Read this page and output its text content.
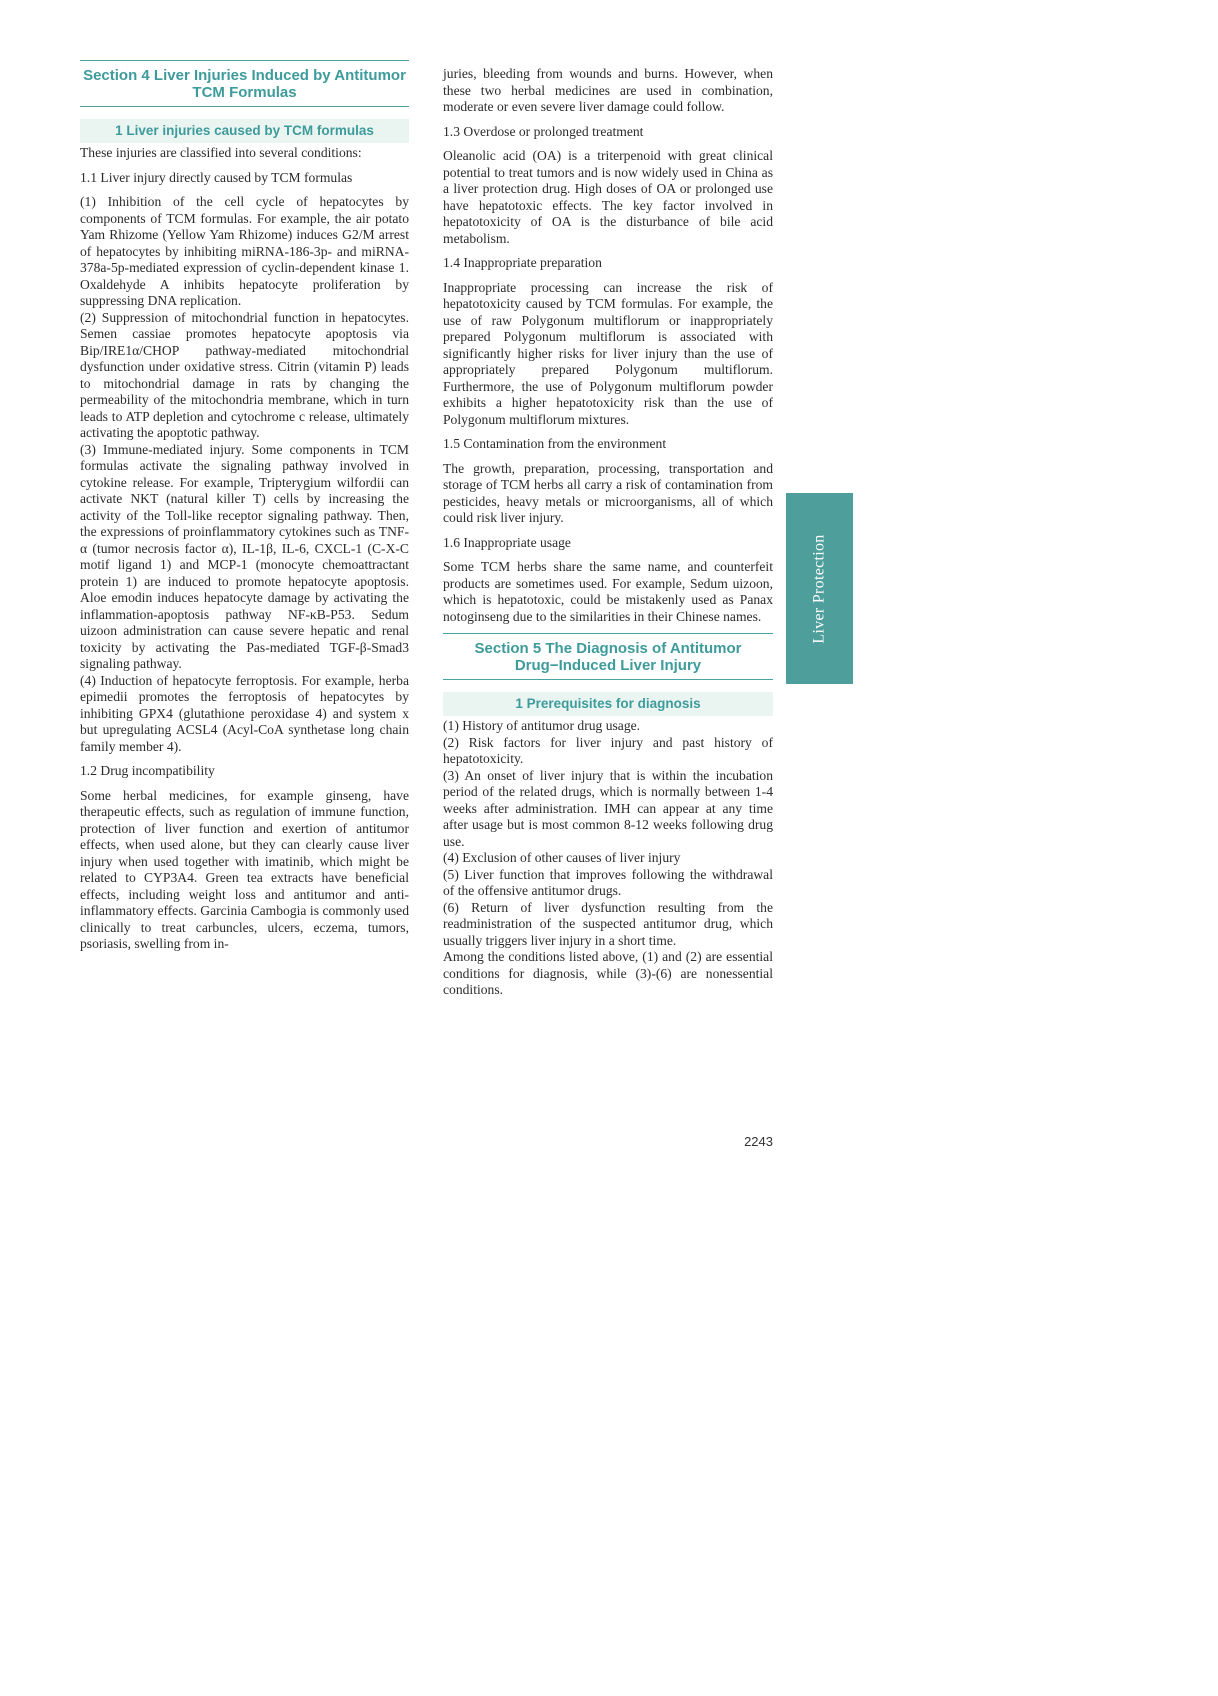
Section 4 Liver Injuries Induced by Antitumor TCM Formulas
1 Liver injuries caused by TCM formulas

These injuries are classified into several conditions:

1.1 Liver injury directly caused by TCM formulas

(1) Inhibition of the cell cycle of hepatocytes by components of TCM formulas. For example, the air potato Yam Rhizome (Yellow Yam Rhizome) induces G2/M arrest of hepatocytes by inhibiting miRNA-186-3p- and miRNA-378a-5p-mediated expression of cyclin-dependent kinase 1. Oxaldehyde A inhibits hepatocyte proliferation by suppressing DNA replication.

(2) Suppression of mitochondrial function in hepatocytes. Semen cassiae promotes hepatocyte apoptosis via Bip/IRE1α/CHOP pathway-mediated mitochondrial dysfunction under oxidative stress. Citrin (vitamin P) leads to mitochondrial damage in rats by changing the permeability of the mitochondria membrane, which in turn leads to ATP depletion and cytochrome c release, ultimately activating the apoptotic pathway.

(3) Immune-mediated injury. Some components in TCM formulas activate the signaling pathway involved in cytokine release. For example, Tripterygium wilfordii can activate NKT (natural killer T) cells by increasing the activity of the Toll-like receptor signaling pathway. Then, the expressions of proinflammatory cytokines such as TNF-α (tumor necrosis factor α), IL-1β, IL-6, CXCL-1 (C-X-C motif ligand 1) and MCP-1 (monocyte chemoattractant protein 1) are induced to promote hepatocyte apoptosis. Aloe emodin induces hepatocyte damage by activating the inflammation-apoptosis pathway NF-κB-P53. Sedum uizoon administration can cause severe hepatic and renal toxicity by activating the Pas-mediated TGF-β-Smad3 signaling pathway.

(4) Induction of hepatocyte ferroptosis. For example, herba epimedii promotes the ferroptosis of hepatocytes by inhibiting GPX4 (glutathione peroxidase 4) and system x but upregulating ACSL4 (Acyl-CoA synthetase long chain family member 4).

1.2 Drug incompatibility

Some herbal medicines, for example ginseng, have therapeutic effects, such as regulation of immune function, protection of liver function and exertion of antitumor effects, when used alone, but they can clearly cause liver injury when used together with imatinib, which might be related to CYP3A4. Green tea extracts have beneficial effects, including weight loss and antitumor and anti-inflammatory effects. Garcinia Cambogia is commonly used clinically to treat carbuncles, ulcers, eczema, tumors, psoriasis, swelling from in-

juries, bleeding from wounds and burns. However, when these two herbal medicines are used in combination, moderate or even severe liver damage could follow.

1.3 Overdose or prolonged treatment

Oleanolic acid (OA) is a triterpenoid with great clinical potential to treat tumors and is now widely used in China as a liver protection drug. High doses of OA or prolonged use have hepatotoxic effects. The key factor involved in hepatotoxicity of OA is the disturbance of bile acid metabolism.

1.4 Inappropriate preparation

Inappropriate processing can increase the risk of hepatotoxicity caused by TCM formulas. For example, the use of raw Polygonum multiflorum or inappropriately prepared Polygonum multiflorum is associated with significantly higher risks for liver injury than the use of appropriately prepared Polygonum multiflorum. Furthermore, the use of Polygonum multiflorum powder exhibits a higher hepatotoxicity risk than the use of Polygonum multiflorum mixtures.

1.5 Contamination from the environment

The growth, preparation, processing, transportation and storage of TCM herbs all carry a risk of contamination from pesticides, heavy metals or microorganisms, all of which could risk liver injury.

1.6 Inappropriate usage

Some TCM herbs share the same name, and counterfeit products are sometimes used. For example, Sedum uizoon, which is hepatotoxic, could be mistakenly used as Panax notoginseng due to the similarities in their Chinese names.

Section 5 The Diagnosis of Antitumor Drug−Induced Liver Injury
1 Prerequisites for diagnosis

(1) History of antitumor drug usage.

(2) Risk factors for liver injury and past history of hepatotoxicity.

(3) An onset of liver injury that is within the incubation period of the related drugs, which is normally between 1-4 weeks after administration. IMH can appear at any time after usage but is most common 8-12 weeks following drug use.

(4) Exclusion of other causes of liver injury

(5) Liver function that improves following the withdrawal of the offensive antitumor drugs.

(6) Return of liver dysfunction resulting from the readministration of the suspected antitumor drug, which usually triggers liver injury in a short time.

Among the conditions listed above, (1) and (2) are essential conditions for diagnosis, while (3)-(6) are nonessential conditions.

Liver Protection
2243
